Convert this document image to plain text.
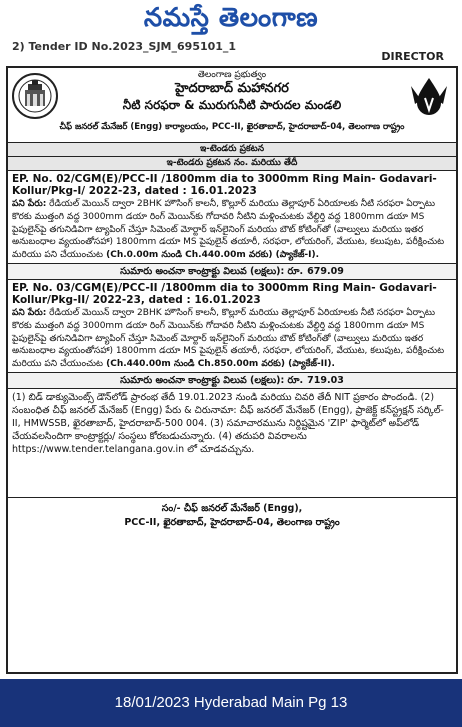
నమస్తే తెలంగాణ
2) Tender ID No.2023_SJM_695101_1
DIRECTOR
తెలంగాణ ప్రభుత్వం
హైదరాబాద్ మహానగర
నీటి సరఫరా & మురుగునీటి పారుదల మండలి
చీఫ్ జనరల్ మేనేజర్ (Engg) కార్యాలయం, PCC-II, ఖైరతాబాద్, హైదరాబాద్-04, తెలంగాణ రాష్ట్రం
ఇ-టెండరు ప్రకటన
ఇ-టెండరు ప్రకటన నం. మరియు తేదీ
EP. No. 02/CGM(E)/PCC-II /1800mm dia to 3000mm Ring Main- Godavari-Kollur/Pkg-I/ 2022-23, dated : 16.01.2023
పని పేరు: రేడియల్ మెయిన్ ద్వారా 2BHK హౌసింగ్ కాలనీ, కొల్లూర్ మరియు తెల్లాపూర్ ఏరియాలకు నీటి సరఫరా ఏర్పాటు కొరకు ముత్తంగి వద్ద 3000mm డయా రింగ్ మెయిన్‌కు గోదావరి నీటిని మళ్లించుటకు వేల్దిర్తి వద్ద 1800mm డయా MS పైపులైన్‌పై తగునిడివిగా ట్యాపింగ్ చేస్తూ సిమెంట్ మోర్టార్ ఇన్‌లైనింగ్ మరియు బౌట్ కోటింగ్‌తో (వాల్వులు మరియు ఇతర అనుబంధాల వ్యయంతోసహా) 1800mm డయా MS పైపులైన్ తయారీ, సరఫరా, లోయరింగ్, వేయుట, కలుపుట, పరీక్షించుట మరియు పని చేయుంచుట (Ch.0.00m నుండి Ch.440.00m వరకు) (ప్యాకేజ్-I).
సుమారు అంచనా కాంట్రాక్టు విలువ (లక్షలు): రూ. 679.09
EP. No. 03/CGM(E)/PCC-II /1800mm dia to 3000mm Ring Main- Godavari-Kollur/Pkg-II/ 2022-23, dated : 16.01.2023
పని పేరు: రేడియల్ మెయిన్ ద్వారా 2BHK హౌసింగ్ కాలనీ, కొల్లూర్ మరియు తెల్లాపూర్ ఏరియాలకు నీటి సరఫరా ఏర్పాటు కొరకు ముత్తంగి వద్ద 3000mm డయా రింగ్ మెయిన్‌కు గోదావరి నీటిని మళ్లించుటకు వేల్దిర్తి వద్ద 1800mm డయా MS పైపులైన్‌పై తగునిడివిగా ట్యాపింగ్ చేస్తూ సిమెంట్ మోర్టార్ ఇన్‌లైనింగ్ మరియు బౌట్ కోటింగ్‌తో (వాల్వులు మరియు ఇతర అనుబంధాల వ్యయంతోసహా) 1800mm డయా MS పైపులైన్ తయారీ, సరఫరా, లోయరింగ్, వేయుట, కలుపుట, పరీక్షించుట మరియు పని చేయుంచుట (Ch.440.00m నుండి Ch.850.00m వరకు) (ప్యాకేజ్-II).
సుమారు అంచనా కాంట్రాక్టు విలువ (లక్షలు): రూ. 719.03
(1) బిడ్ డాక్యుమెంట్స్ డౌన్‌లోడ్ ప్రారంభ తేదీ 19.01.2023 నుండి మరియు చివరి తేదీ NIT ప్రకారం పొందండి. (2) సంబంధిత చీఫ్ జనరల్ మేనేజర్ (Engg) పేరు & చిరునామా: చీఫ్ జనరల్ మేనేజర్ (Engg), ప్రాజెక్ట్ కన్‌స్ట్రక్షన్ సర్కిల్-II, HMWSSB, ఖైరతాబాద్, హైదరాబాద్-500 004. (3) సమాచారమును నిర్దిష్టమైన 'ZIP' ఫార్మెట్‌లో అప్‌లోడ్ చేయవలసిందిగా కాంట్రాక్టర్లు/ సంస్థలు కోరబడుచున్నారు. (4) తదుపరి వివరాలను https://www.tender.telangana.gov.in లో చూడవచ్చును.
సం/- చీఫ్ జనరల్ మేనేజర్ (Engg),
PCC-II, ఖైరతాబాద్, హైదరాబాద్-04, తెలంగాణ రాష్ట్రం
18/01/2023 Hyderabad Main Pg 13
